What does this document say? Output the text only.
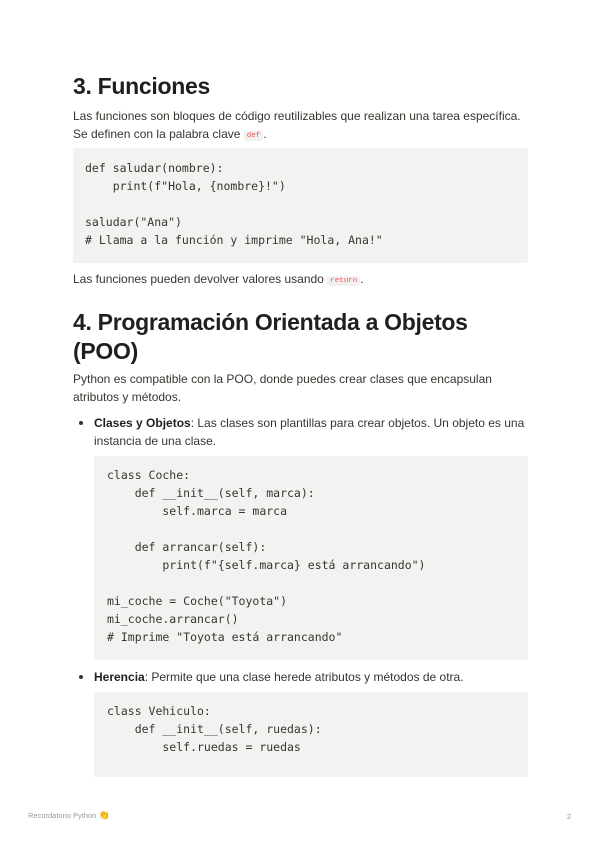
3. Funciones

Las funciones son bloques de código reutilizables que realizan una tarea específica. Se definen con la palabra clave def .

def saludar(nombre):
print(f"Hola, {nombre}!")

saludar("Ana")
# Llama a la función y imprime "Hola, Ana!"

Las funciones pueden devolver valores usando return .

4. Programación Orientada a Objetos (POO)

Python es compatible con la POO, donde puedes crear clases que encapsulan atributos y métodos.

Clases y Objetos: Las clases son plantillas para crear objetos. Un objeto es una instancia de una clase.

class Coche:
def __init__(self, marca):
self.marca = marca

def arrancar(self):
print(f"{self.marca} está arrancando")

mi_coche = Coche("Toyota")
mi_coche.arrancar()
# Imprime "Toyota está arrancando"

Herencia: Permite que una clase herede atributos y métodos de otra.

class Vehiculo:
def __init__(self, ruedas):
self.ruedas = ruedas
Recordatorio Python 👏	2
